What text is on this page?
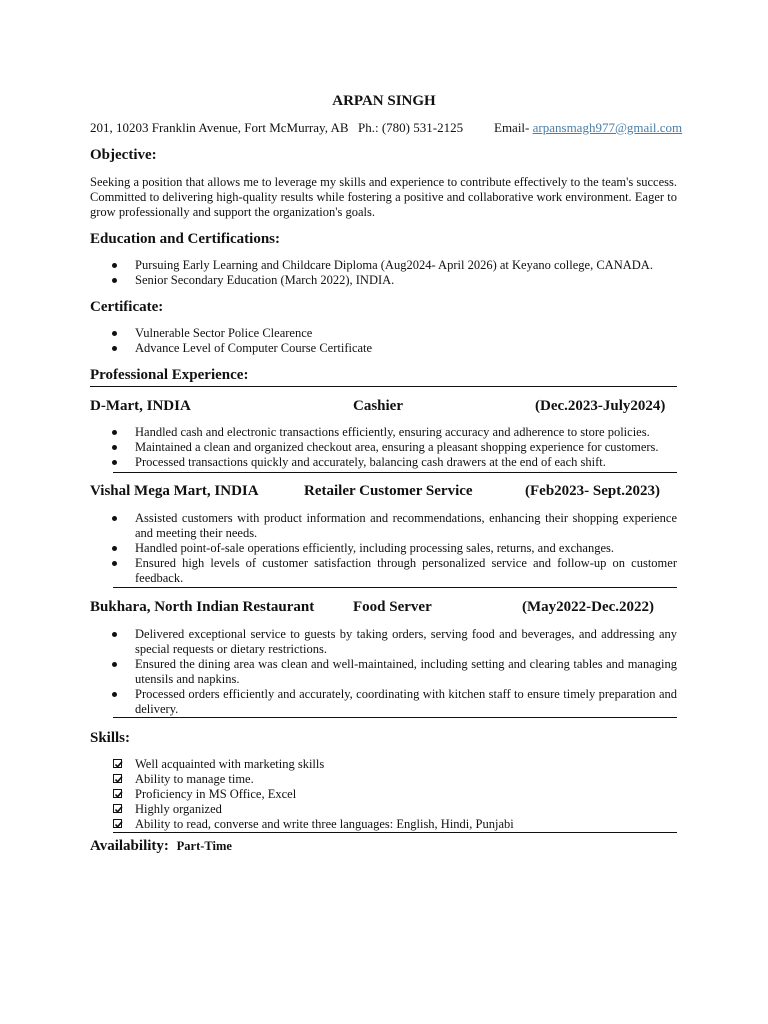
ARPAN SINGH
201, 10203 Franklin Avenue, Fort McMurray, AB Ph.: (780) 531-2125 Email- arpansmagh977@gmail.com
Objective:
Seeking a position that allows me to leverage my skills and experience to contribute effectively to the team's success. Committed to delivering high-quality results while fostering a positive and collaborative work environment. Eager to grow professionally and support the organization's goals.
Education and Certifications:
Pursuing Early Learning and Childcare Diploma (Aug2024- April 2026) at Keyano college, CANADA.
Senior Secondary Education (March 2022), INDIA.
Certificate:
Vulnerable Sector Police Clearence
Advance Level of Computer Course Certificate
Professional Experience:
D-Mart, INDIA	Cashier	(Dec.2023-July2024)
Handled cash and electronic transactions efficiently, ensuring accuracy and adherence to store policies.
Maintained a clean and organized checkout area, ensuring a pleasant shopping experience for customers.
Processed transactions quickly and accurately, balancing cash drawers at the end of each shift.
Vishal Mega Mart, INDIA	Retailer Customer Service	(Feb2023- Sept.2023)
Assisted customers with product information and recommendations, enhancing their shopping experience and meeting their needs.
Handled point-of-sale operations efficiently, including processing sales, returns, and exchanges.
Ensured high levels of customer satisfaction through personalized service and follow-up on customer feedback.
Bukhara, North Indian Restaurant	Food Server	(May2022-Dec.2022)
Delivered exceptional service to guests by taking orders, serving food and beverages, and addressing any special requests or dietary restrictions.
Ensured the dining area was clean and well-maintained, including setting and clearing tables and managing utensils and napkins.
Processed orders efficiently and accurately, coordinating with kitchen staff to ensure timely preparation and delivery.
Skills:
Well acquainted with marketing skills
Ability to manage time.
Proficiency in MS Office, Excel
Highly organized
Ability to read, converse and write three languages: English, Hindi, Punjabi
Availability: Part-Time
